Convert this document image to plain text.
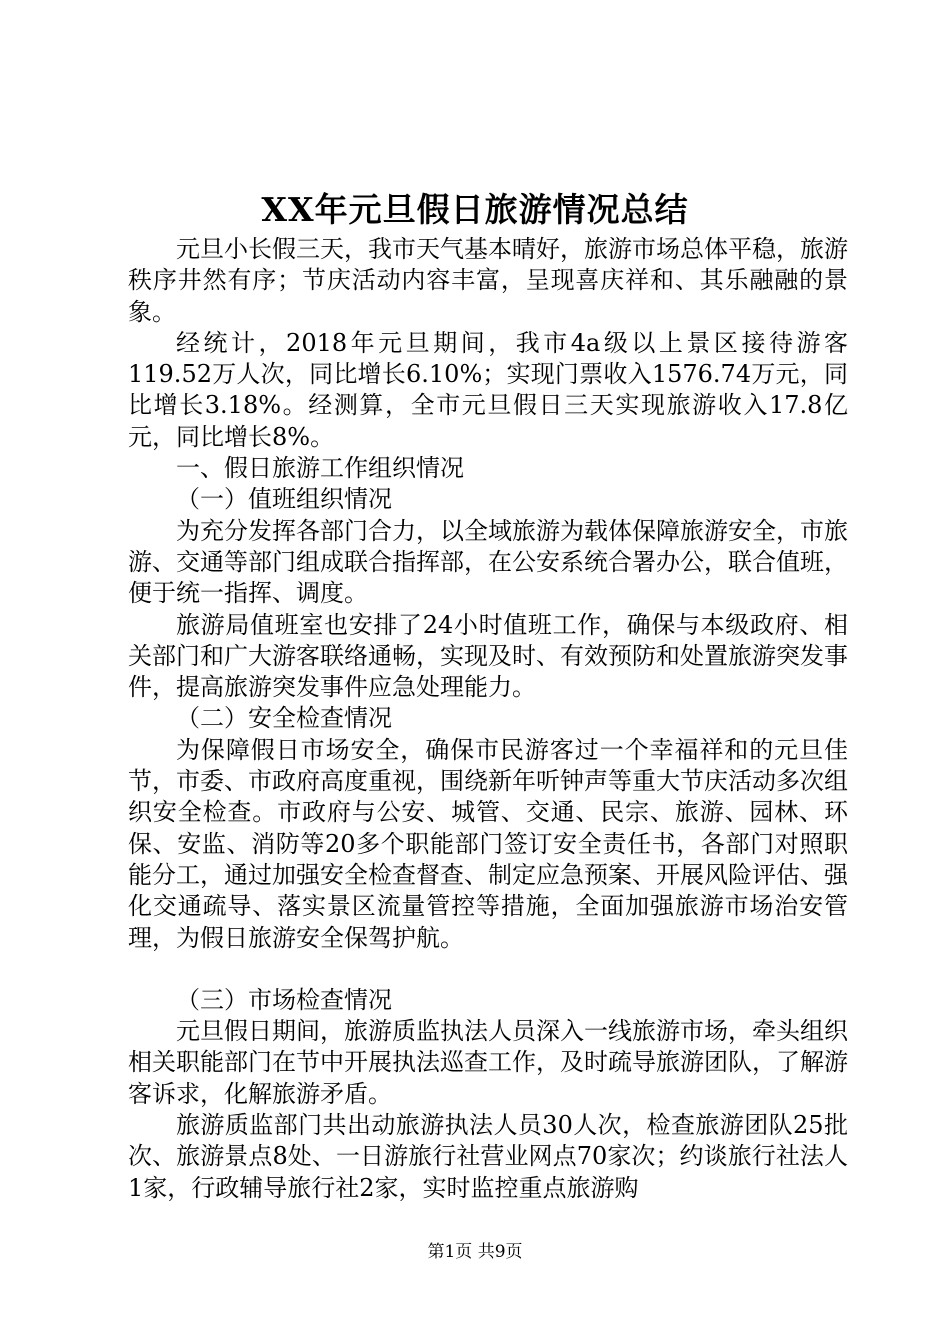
XX年元旦假日旅游情况总结

元旦小长假三天，我市天气基本晴好，旅游市场总体平稳，旅游秩序井然有序；节庆活动内容丰富，呈现喜庆祥和、其乐融融的景象。

经统计，2018年元旦期间，我市4a级以上景区接待游客119.52万人次，同比增长6.10%；实现门票收入1576.74万元，同比增长3.18%。经测算，全市元旦假日三天实现旅游收入17.8亿元，同比增长8%。

一、假日旅游工作组织情况

（一）值班组织情况

为充分发挥各部门合力，以全域旅游为载体保障旅游安全，市旅游、交通等部门组成联合指挥部，在公安系统合署办公，联合值班，便于统一指挥、调度。

旅游局值班室也安排了24小时值班工作，确保与本级政府、相关部门和广大游客联络通畅，实现及时、有效预防和处置旅游突发事件，提高旅游突发事件应急处理能力。

（二）安全检查情况

为保障假日市场安全，确保市民游客过一个幸福祥和的元旦佳节，市委、市政府高度重视，围绕新年听钟声等重大节庆活动多次组织安全检查。市政府与公安、城管、交通、民宗、旅游、园林、环保、安监、消防等20多个职能部门签订安全责任书，各部门对照职能分工，通过加强安全检查督查、制定应急预案、开展风险评估、强化交通疏导、落实景区流量管控等措施，全面加强旅游市场治安管理，为假日旅游安全保驾护航。

（三）市场检查情况

元旦假日期间，旅游质监执法人员深入一线旅游市场，牵头组织相关职能部门在节中开展执法巡查工作，及时疏导旅游团队，了解游客诉求，化解旅游矛盾。

旅游质监部门共出动旅游执法人员30人次，检查旅游团队25批次、旅游景点8处、一日游旅行社营业网点70家次；约谈旅行社法人1家，行政辅导旅行社2家，实时监控重点旅游购

第1页 共9页
